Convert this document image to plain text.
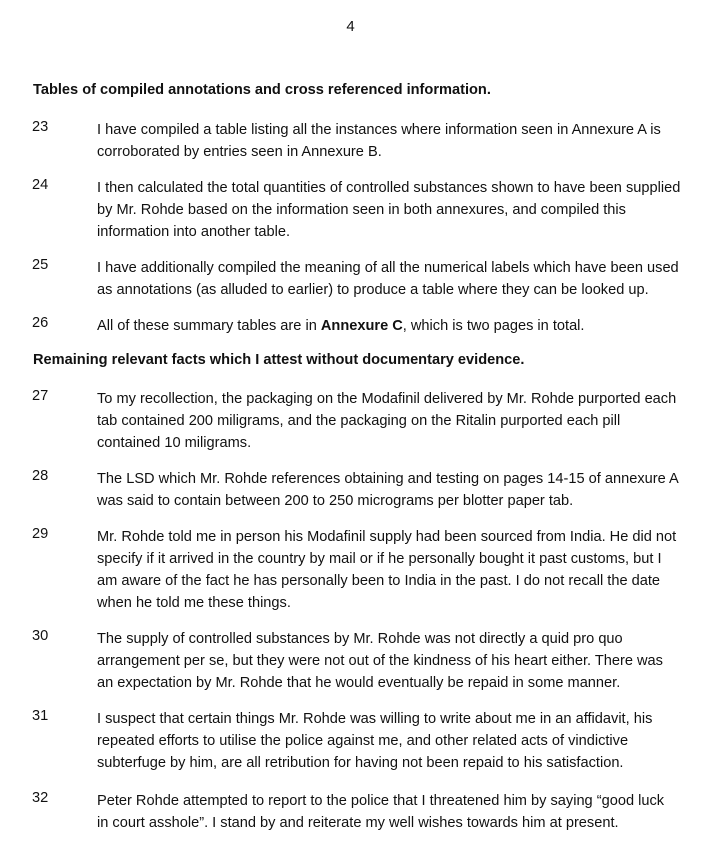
4
Tables of compiled annotations and cross referenced information.
23	I have compiled a table listing all the instances where information seen in Annexure A is
corroborated by entries seen in Annexure B.
24	I then calculated the total quantities of controlled substances shown to have been supplied
by Mr. Rohde based on the information seen in both annexures, and compiled this
information into another table.
25	I have additionally compiled the meaning of all the numerical labels which have been used
as annotations (as alluded to earlier) to produce a table where they can be looked up.
26	All of these summary tables are in Annexure C, which is two pages in total.
Remaining relevant facts which I attest without documentary evidence.
27	To my recollection, the packaging on the Modafinil delivered by Mr. Rohde purported each
tab contained 200 miligrams, and the packaging on the Ritalin purported each pill
contained 10 miligrams.
28	The LSD which Mr. Rohde references obtaining and testing on pages 14-15 of annexure A
was said to contain between 200 to 250 micrograms per blotter paper tab.
29	Mr. Rohde told me in person his Modafinil supply had been sourced from India. He did not
specify if it arrived in the country by mail or if he personally bought it past customs, but I
am aware of the fact he has personally been to India in the past. I do not recall the date
when he told me these things.
30	The supply of controlled substances by Mr. Rohde was not directly a quid pro quo
arrangement per se, but they were not out of the kindness of his heart either. There was
an expectation by Mr. Rohde that he would eventually be repaid in some manner.
31	I suspect that certain things Mr. Rohde was willing to write about me in an affidavit, his
repeated efforts to utilise the police against me, and other related acts of vindictive
subterfuge by him, are all retribution for having not been repaid to his satisfaction.
32	Peter Rohde attempted to report to the police that I threatened him by saying “good luck
in court asshole”. I stand by and reiterate my well wishes towards him at present.
